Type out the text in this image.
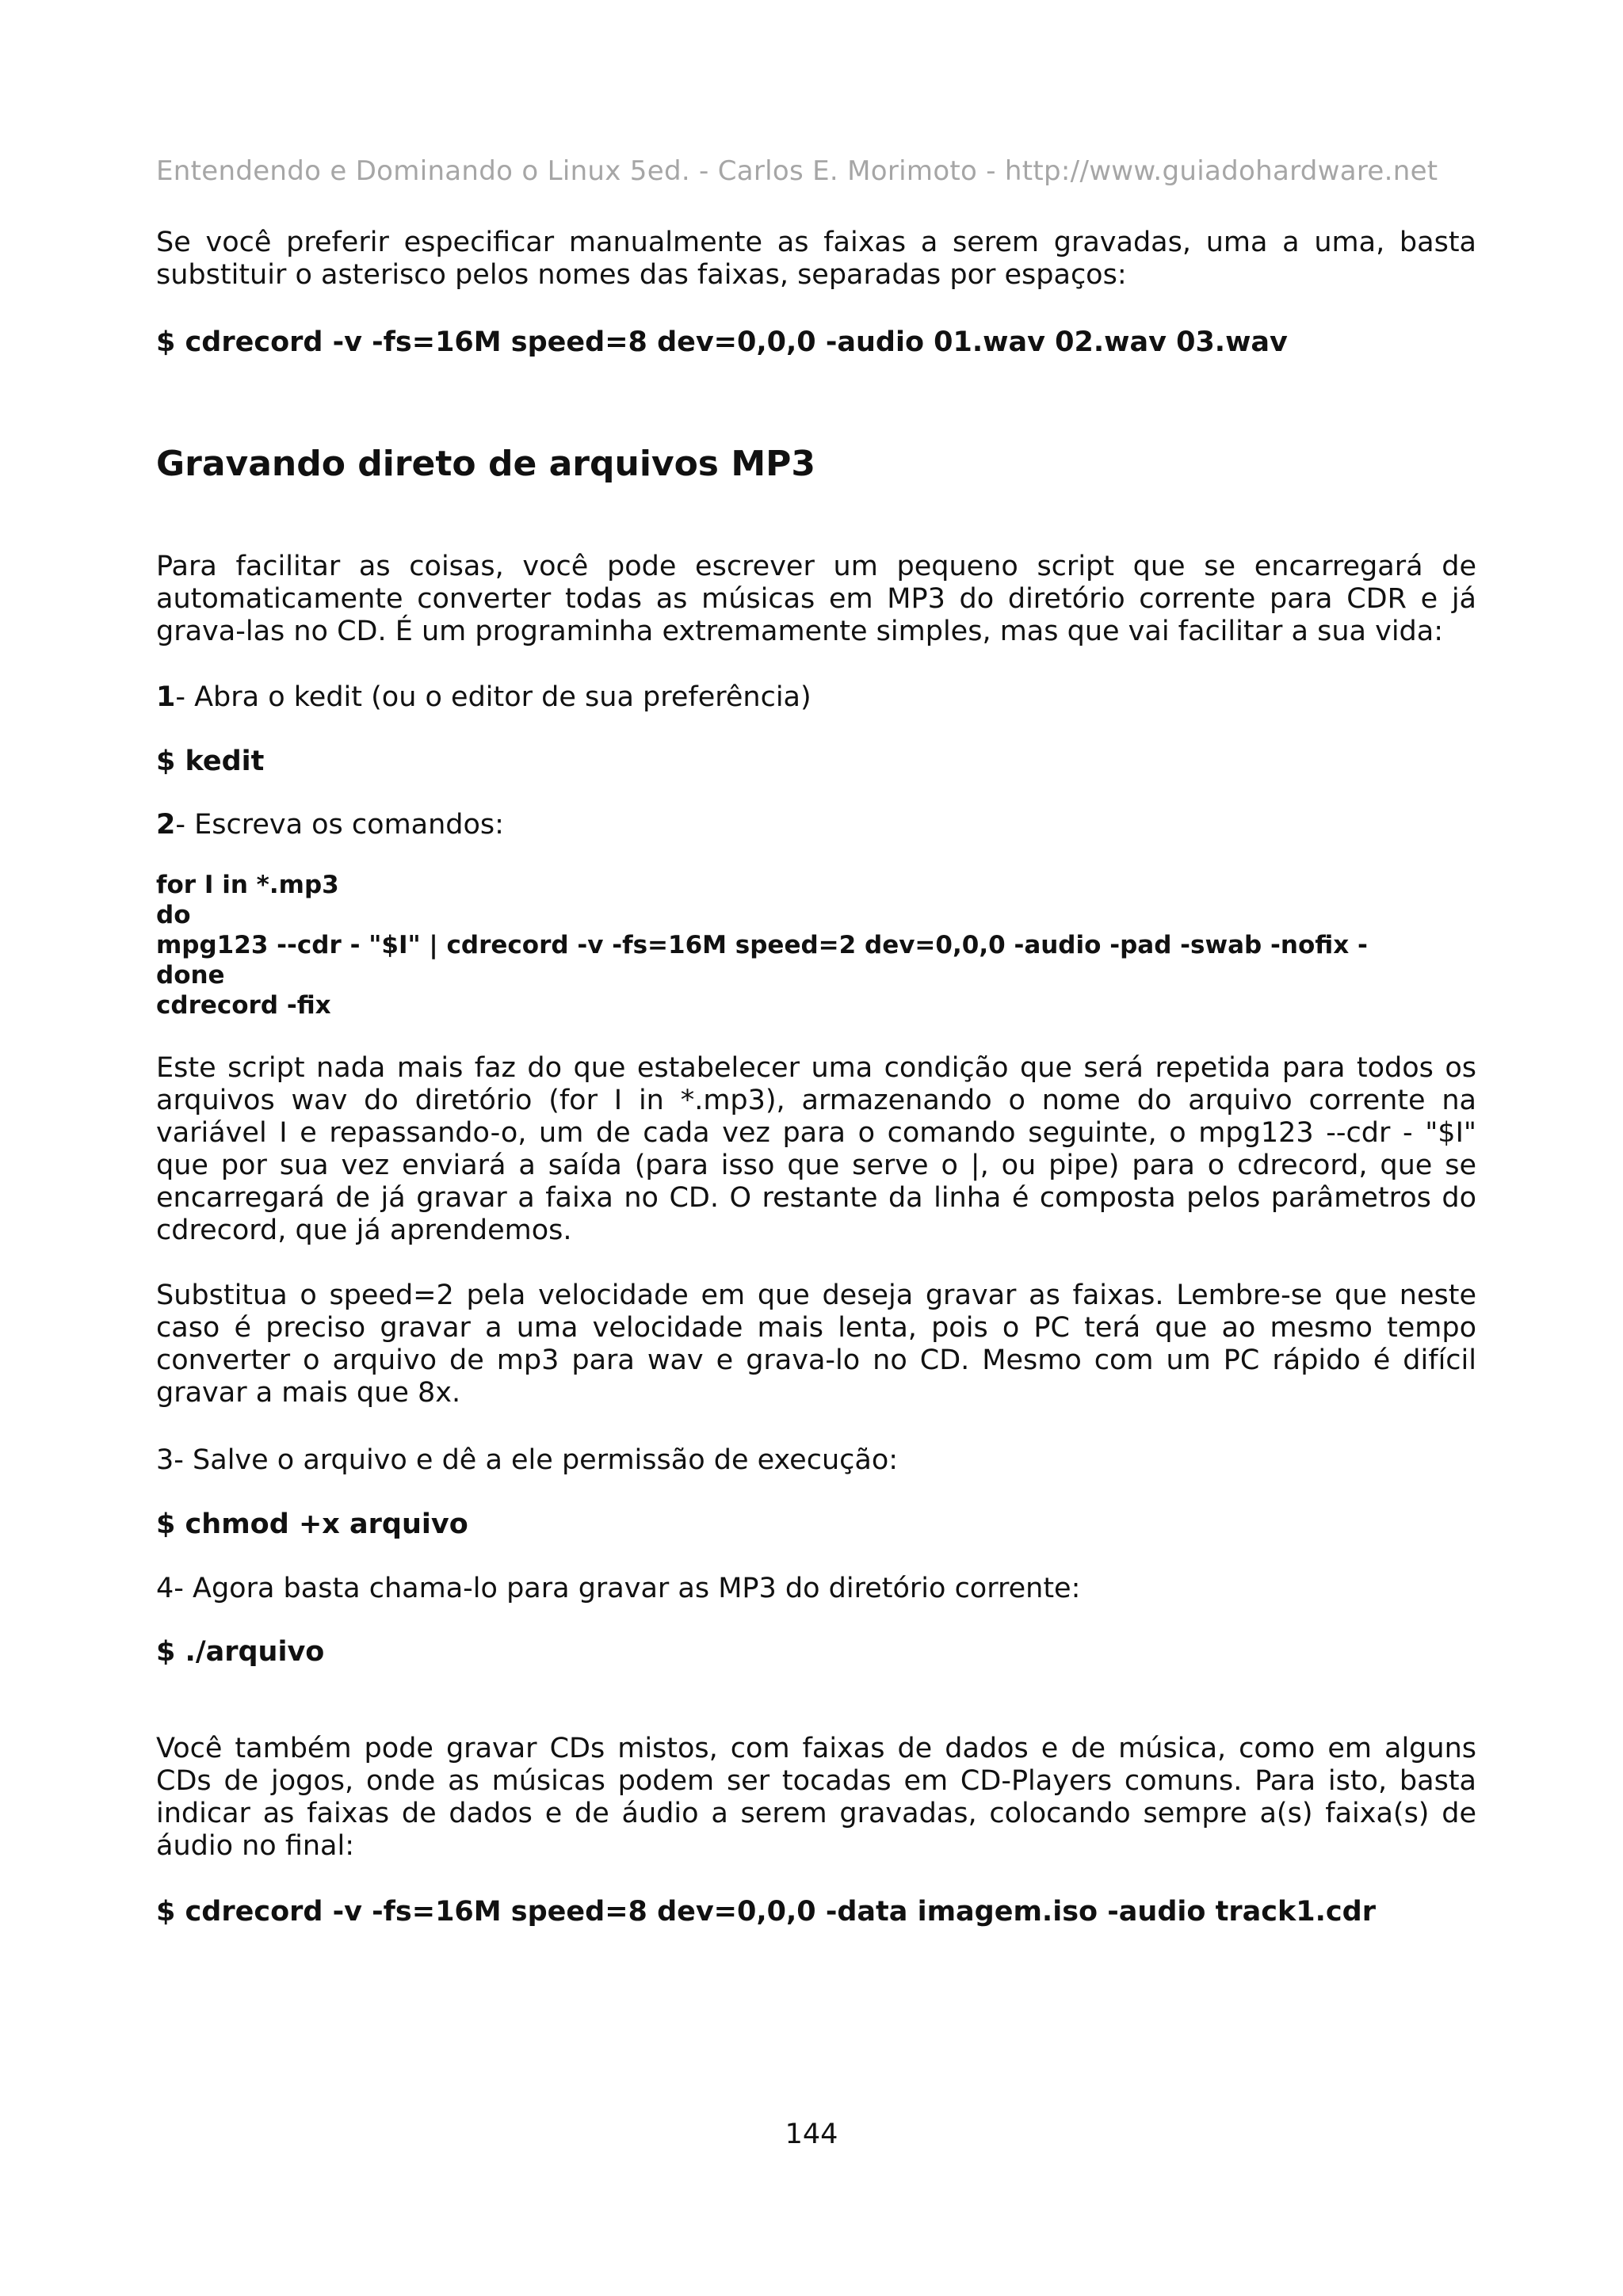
Entendendo e Dominando o Linux 5ed. - Carlos E. Morimoto - http://www.guiadohardware.net

Se você preferir especificar manualmente as faixas a serem gravadas, uma a uma, basta substituir o asterisco pelos nomes das faixas, separadas por espaços:

$ cdrecord -v -fs=16M speed=8 dev=0,0,0 -audio 01.wav 02.wav 03.wav

Gravando direto de arquivos MP3

Para facilitar as coisas, você pode escrever um pequeno script que se encarregará de automaticamente converter todas as músicas em MP3 do diretório corrente para CDR e já grava-las no CD. É um programinha extremamente simples, mas que vai facilitar a sua vida:

1- Abra o kedit (ou o editor de sua preferência)

$ kedit

2- Escreva os comandos:

for I in *.mp3
do
mpg123 --cdr - "$I" | cdrecord -v -fs=16M speed=2 dev=0,0,0 -audio -pad -swab -nofix -
done
cdrecord -fix

Este script nada mais faz do que estabelecer uma condição que será repetida para todos os arquivos wav do diretório (for I in *.mp3), armazenando o nome do arquivo corrente na variável I e repassando-o, um de cada vez para o comando seguinte, o mpg123 --cdr - "$I" que por sua vez enviará a saída (para isso que serve o |, ou pipe) para o cdrecord, que se encarregará de já gravar a faixa no CD. O restante da linha é composta pelos parâmetros do cdrecord, que já aprendemos.

Substitua o speed=2 pela velocidade em que deseja gravar as faixas. Lembre-se que neste caso é preciso gravar a uma velocidade mais lenta, pois o PC terá que ao mesmo tempo converter o arquivo de mp3 para wav e grava-lo no CD. Mesmo com um PC rápido é difícil gravar a mais que 8x.

3- Salve o arquivo e dê a ele permissão de execução:

$ chmod +x arquivo

4- Agora basta chama-lo para gravar as MP3 do diretório corrente:

$ ./arquivo

Você também pode gravar CDs mistos, com faixas de dados e de música, como em alguns CDs de jogos, onde as músicas podem ser tocadas em CD-Players comuns. Para isto, basta indicar as faixas de dados e de áudio a serem gravadas, colocando sempre a(s) faixa(s) de áudio no final:

$ cdrecord -v -fs=16M speed=8 dev=0,0,0 -data imagem.iso -audio track1.cdr

144
